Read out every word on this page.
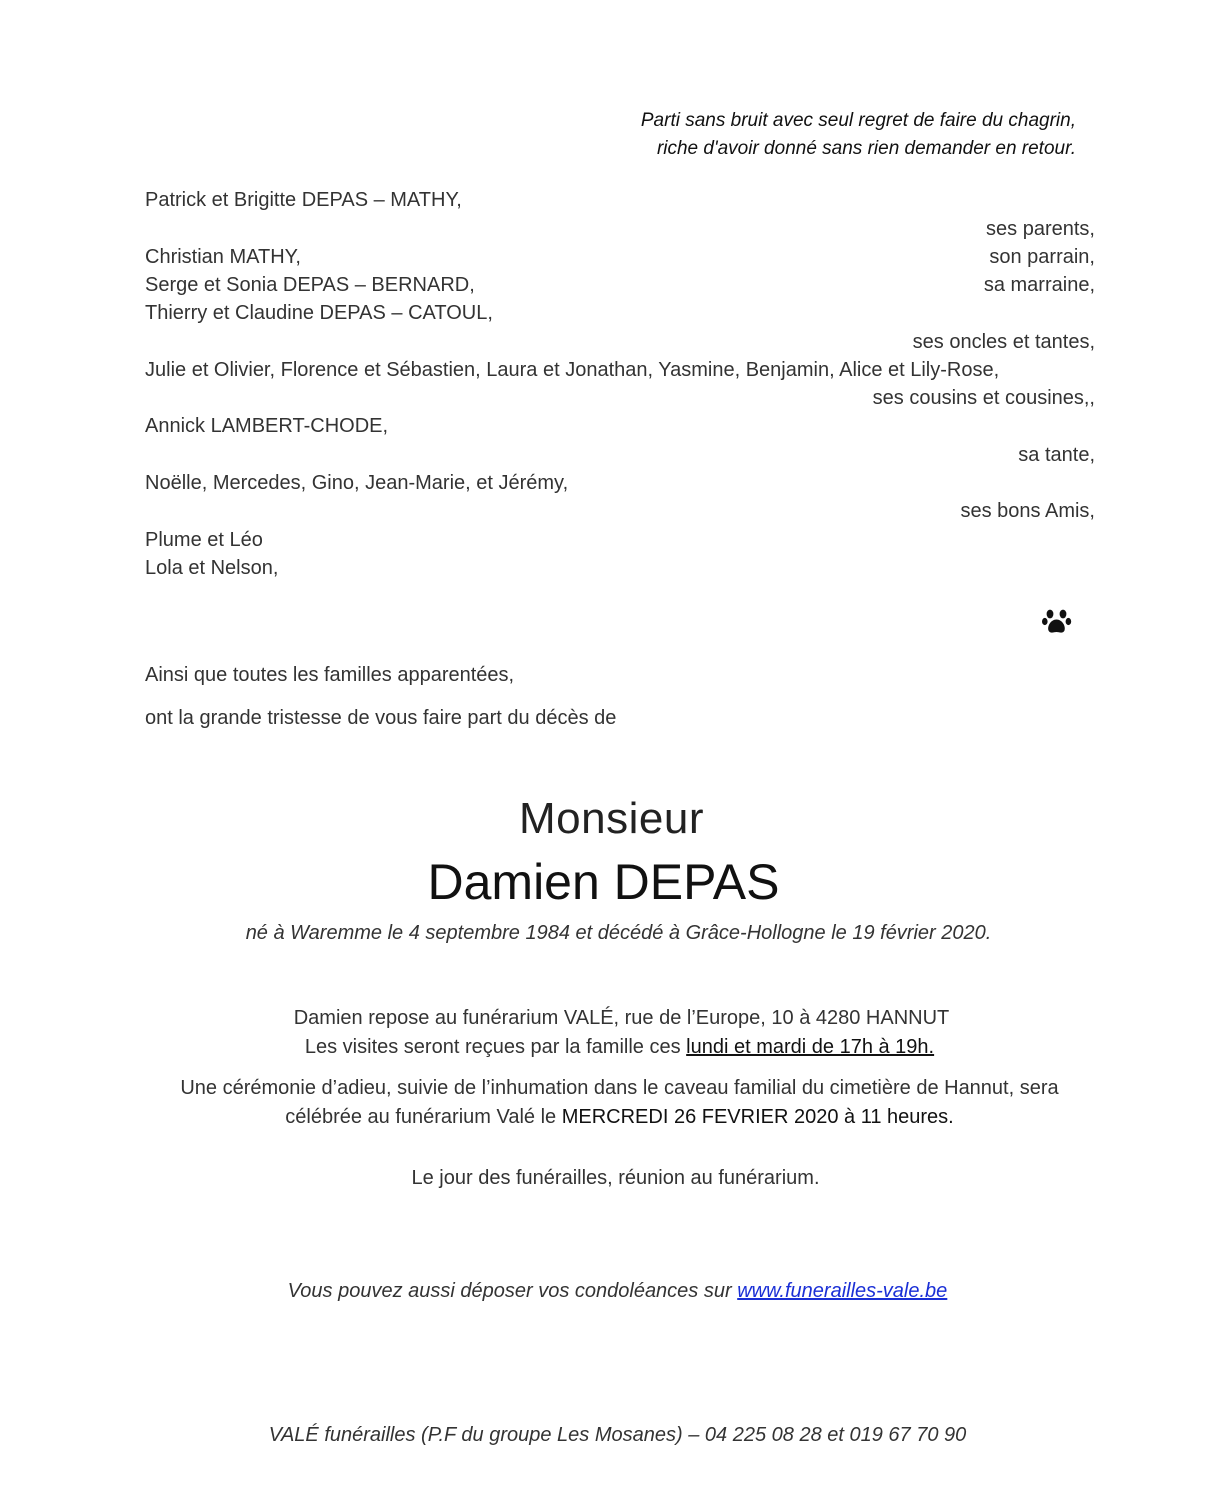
Parti sans bruit avec seul regret de faire du chagrin,
riche d'avoir donné sans rien demander en retour.
Patrick et Brigitte DEPAS – MATHY,
ses parents,
Christian MATHY,	son parrain,
Serge et Sonia DEPAS – BERNARD,	sa marraine,
Thierry et Claudine DEPAS – CATOUL,
ses oncles et tantes,
Julie et Olivier, Florence et Sébastien, Laura et Jonathan, Yasmine, Benjamin, Alice et Lily-Rose,
ses cousins et cousines,,
Annick LAMBERT-CHODE,
sa tante,
Noëlle, Mercedes, Gino, Jean-Marie, et Jérémy,
ses bons Amis,
Plume et Léo
Lola et Nelson,
Ainsi que toutes les familles apparentées,
ont la grande tristesse de vous faire part du décès de
Monsieur
Damien DEPAS
né à Waremme le 4 septembre 1984 et décédé à Grâce-Hollogne le 19 février 2020.
Damien repose au funérarium VALÉ, rue de l’Europe, 10 à 4280 HANNUT
Les visites seront reçues par la famille ces lundi et mardi de 17h à 19h.
Une cérémonie d’adieu, suivie de l’inhumation dans le caveau familial du cimetière de Hannut, sera
célébrée au funérarium Valé le MERCREDI 26 FEVRIER 2020 à 11 heures.
Le jour des funérailles, réunion au funérarium.
Vous pouvez aussi déposer vos condoléances sur www.funerailles-vale.be
VALÉ funérailles (P.F du groupe Les Mosanes) – 04 225 08 28 et 019 67 70 90
